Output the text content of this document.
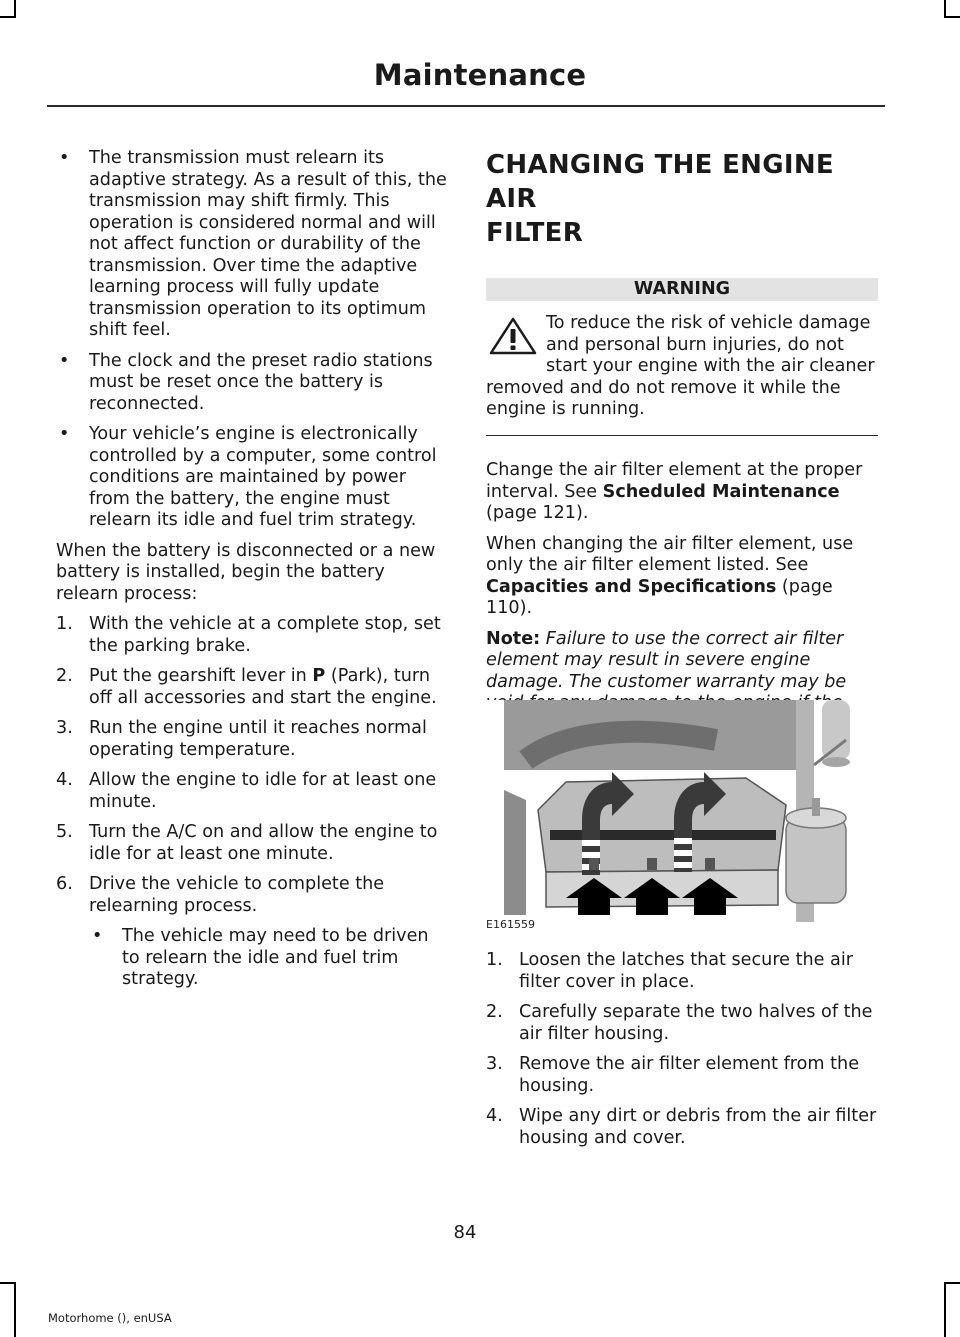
Maintenance
• The transmission must relearn its adaptive strategy. As a result of this, the transmission may shift firmly. This operation is considered normal and will not affect function or durability of the transmission. Over time the adaptive learning process will fully update transmission operation to its optimum shift feel.
• The clock and the preset radio stations must be reset once the battery is reconnected.
• Your vehicle’s engine is electronically controlled by a computer, some control conditions are maintained by power from the battery, the engine must relearn its idle and fuel trim strategy.
When the battery is disconnected or a new battery is installed, begin the battery relearn process:
1. With the vehicle at a complete stop, set the parking brake.
2. Put the gearshift lever in P (Park), turn off all accessories and start the engine.
3. Run the engine until it reaches normal operating temperature.
4. Allow the engine to idle for at least one minute.
5. Turn the A/C on and allow the engine to idle for at least one minute.
6. Drive the vehicle to complete the relearning process.
• The vehicle may need to be driven to relearn the idle and fuel trim strategy.
CHANGING THE ENGINE AIR
FILTER
WARNING
To reduce the risk of vehicle damage and personal burn injuries, do not start your engine with the air cleaner removed and do not remove it while the engine is running.
Change the air filter element at the proper interval. See Scheduled Maintenance (page 121).
When changing the air filter element, use only the air filter element listed. See Capacities and Specifications (page 110).
Note: Failure to use the correct air filter element may result in severe engine damage. The customer warranty may be
E161559
1. Loosen the latches that secure the air filter cover in place.
2. Carefully separate the two halves of the air filter housing.
3. Remove the air filter element from the housing.
4. Wipe any dirt or debris from the air filter housing and cover.
84
Motorhome (), enUSA
